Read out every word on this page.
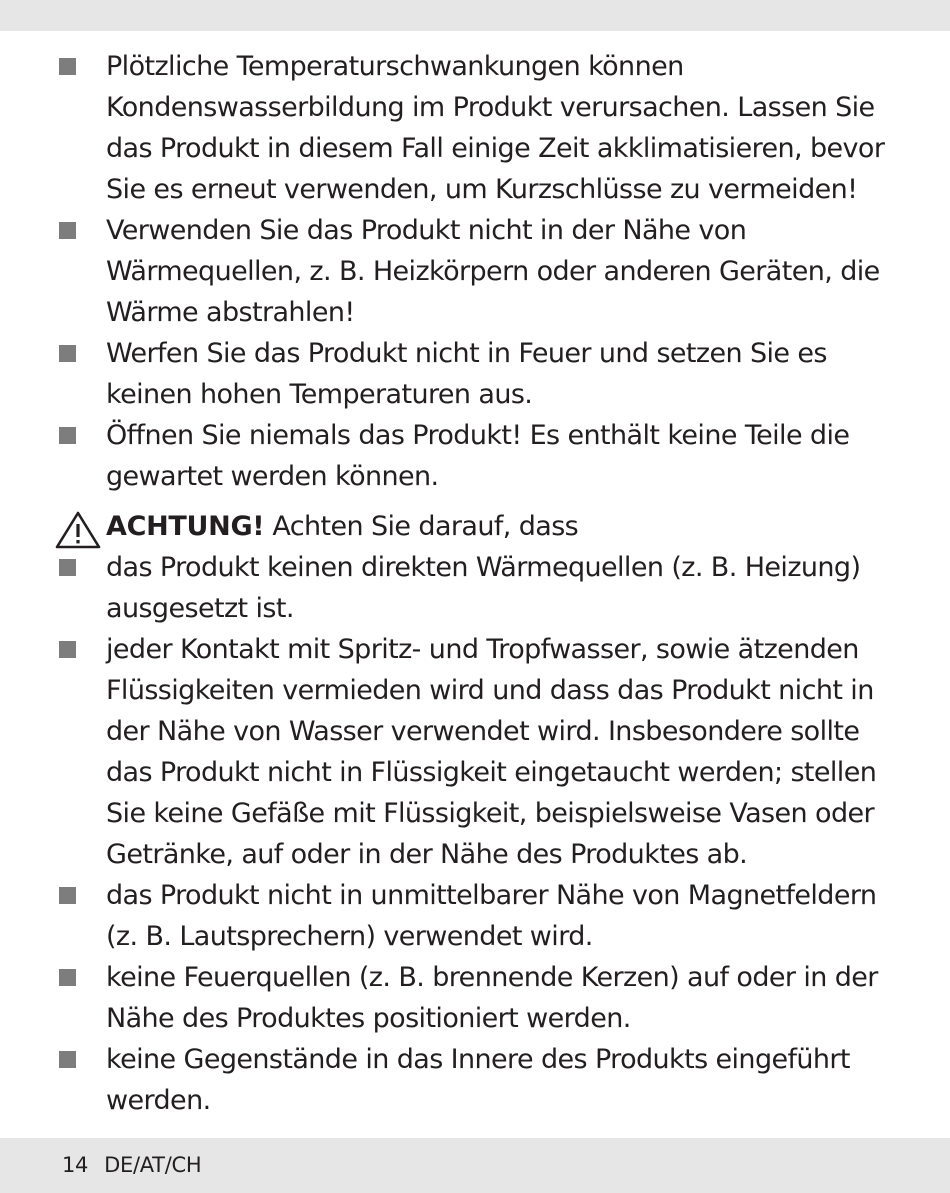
Plötzliche Temperaturschwankungen können Kondenswasserbildung im Produkt verursachen. Lassen Sie das Produkt in diesem Fall einige Zeit akklimatisieren, bevor Sie es erneut verwenden, um Kurzschlüsse zu vermeiden!
Verwenden Sie das Produkt nicht in der Nähe von Wärmequellen, z. B. Heizkörpern oder anderen Geräten, die Wärme abstrahlen!
Werfen Sie das Produkt nicht in Feuer und setzen Sie es keinen hohen Temperaturen aus.
Öffnen Sie niemals das Produkt! Es enthält keine Teile die gewartet werden können.
ACHTUNG! Achten Sie darauf, dass
das Produkt keinen direkten Wärmequellen (z. B. Heizung) ausgesetzt ist.
jeder Kontakt mit Spritz- und Tropfwasser, sowie ätzenden Flüssigkeiten vermieden wird und dass das Produkt nicht in der Nähe von Wasser verwendet wird. Insbesondere sollte das Produkt nicht in Flüssigkeit eingetaucht werden; stellen Sie keine Gefäße mit Flüssigkeit, beispielsweise Vasen oder Getränke, auf oder in der Nähe des Produktes ab.
das Produkt nicht in unmittelbarer Nähe von Magnetfeldern (z. B. Lautsprechern) verwendet wird.
keine Feuerquellen (z. B. brennende Kerzen) auf oder in der Nähe des Produktes positioniert werden.
keine Gegenstände in das Innere des Produkts eingeführt werden.
14 DE/AT/CH
